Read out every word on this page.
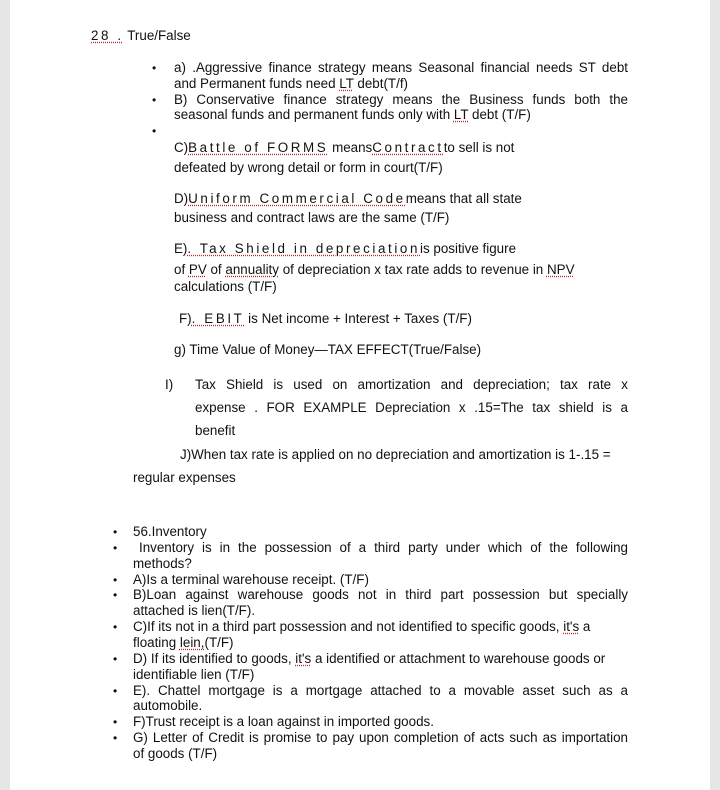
28 . True/False

•
•
•

a) .Aggressive finance strategy means Seasonal financial needs ST debt

and Permanent funds need LT debt(T/f)

B) Conservative finance strategy means the Business funds both the

seasonal funds and permanent funds only with LT debt (T/F)

C)Battle of FORMS meansContractto sell is not

defeated by wrong detail or form in court(T/F)

D)Uniform Commercial Codemeans that all state

business and contract laws are the same (T/F)

E). Tax Shield in depreciationis positive figure

of PV of annuality of depreciation x tax rate adds to revenue in NPV

calculations (T/F)

F). EBIT is Net income + Interest + Taxes (T/F)

g) Time Value of Money—TAX EFFECT(True/False)

I) Tax Shield is used on amortization and depreciation; tax rate x

expense . FOR EXAMPLE Depreciation x .15=The tax shield is a

benefit

J)When tax rate is applied on no depreciation and amortization is 1-.15 =

regular expenses

•
•
•
•
•
•
•
•
•

56.Inventory

Inventory is in the possession of a third party under which of the following

methods?

A)Is a terminal warehouse receipt. (T/F)

B)Loan against warehouse goods not in third part possession but specially

attached is lien(T/F).

C)If its not in a third part possession and not identified to specific goods, it's a

floating lein,(T/F)

D) If its identified to goods, it's a identified or attachment to warehouse goods or

identifiable lien (T/F)

E). Chattel mortgage is a mortgage attached to a movable asset such as a

automobile.

F)Trust receipt is a loan against in imported goods.

G) Letter of Credit is promise to pay upon completion of acts such as importation

of goods (T/F)
